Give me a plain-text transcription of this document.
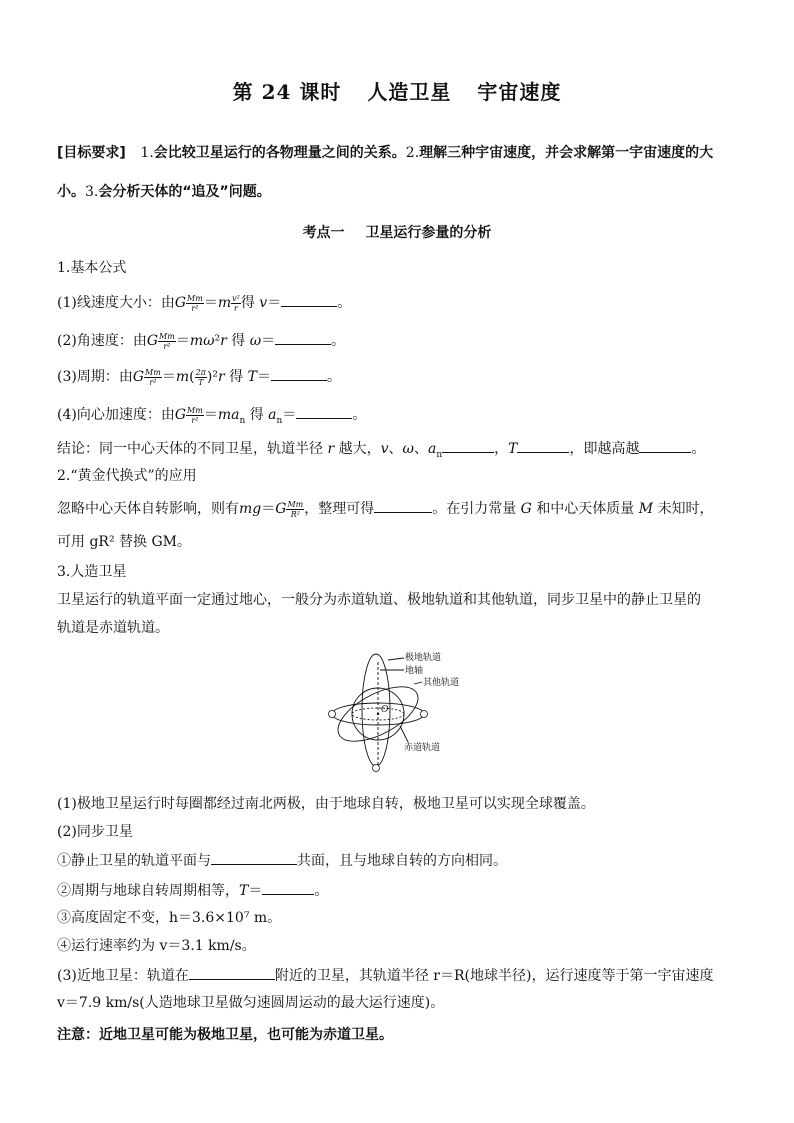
第 24 课时 人造卫星 宇宙速度
[目标要求] 1.会比较卫星运行的各物理量之间的关系。2.理解三种宇宙速度，并会求解第一宇宙速度的大
小。3.会分析天体的“追及”问题。
考点一 卫星运行参量的分析
1.基本公式
(1)线速度大小：由G $\frac{Mm}{\text{r²}} =m \frac{\text{v²}}{r}$ 得 v＝	。
(2)角速度：由G $\frac{Mm}{\text{r²}} =m\omega^2r$ 得 ω＝	。
(3)周期：由G $\frac{Mm}{\text{r²}} =m( \frac{2\pi}{T} )^2r$ 得 T＝	。
(4)向心加速度：由G $\frac{Mm}{\text{r²}} =ma_n$ 得 $a_n=$	。
结论：同一中心天体的不同卫星，轨道半径 r 越大，v、ω、$a_n$	，T	，即越高越	。
2.“黄金代换式”的应用
忽略中心天体自转影响，则有$mg=G \frac{Mm}{\text{R²}}$ ，整理可得	。在引力常量 G 和中心天体质量 M 未知时，
可用 gR² 替换 GM。
3.人造卫星
卫星运行的轨道平面一定通过地心，一般分为赤道轨道、极地轨道和其他轨道，同步卫星中的静止卫星的
轨道是赤道轨道。
O
极地轨道
地轴
其他轨道
赤道轨道
(1)极地卫星运行时每圈都经过南北两极，由于地球自转，极地卫星可以实现全球覆盖。
(2)同步卫星
①静止卫星的轨道平面与	共面，且与地球自转的方向相同。
②周期与地球自转周期相等，T＝	。
③高度固定不变，h＝3.6×10⁷ m。
④运行速率约为 v＝3.1 km/s。
(3)近地卫星：轨道在	附近的卫星，其轨道半径 r＝R(地球半径)，运行速度等于第一宇宙速度
v＝7.9 km/s(人造地球卫星做匀速圆周运动的最大运行速度)。
注意：近地卫星可能为极地卫星，也可能为赤道卫星。
